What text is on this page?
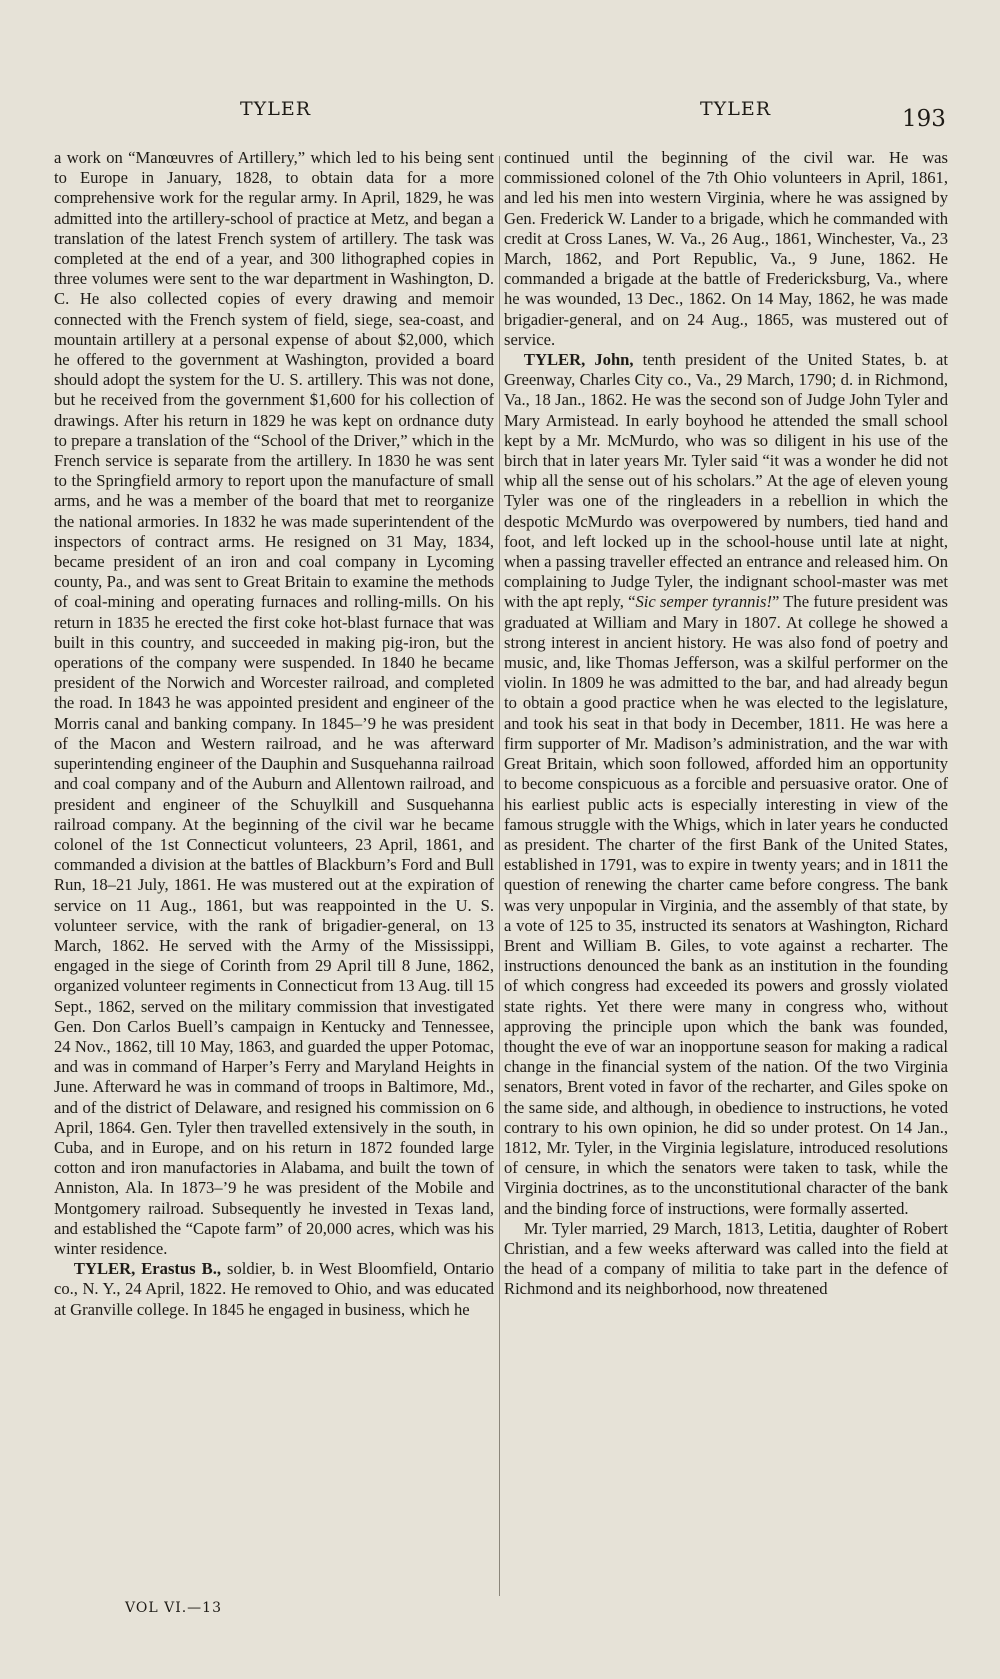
TYLER	TYLER	193

a work on “Manœuvres of Artillery,” which led to his being sent to Europe in January, 1828, to obtain data for a more comprehensive work for the regular army. In April, 1829, he was admitted into the artillery-school of practice at Metz, and began a translation of the latest French system of artillery. The task was completed at the end of a year, and 300 lithographed copies in three volumes were sent to the war department in Washington, D. C. He also collected copies of every drawing and memoir connected with the French system of field, siege, sea-coast, and mountain artillery at a personal expense of about $2,000, which he offered to the government at Washington, provided a board should adopt the system for the U. S. artillery. This was not done, but he received from the government $1,600 for his collection of drawings. After his return in 1829 he was kept on ordnance duty to prepare a translation of the “School of the Driver,” which in the French service is separate from the artillery. In 1830 he was sent to the Springfield armory to report upon the manufacture of small arms, and he was a member of the board that met to reorganize the national armories. In 1832 he was made superintendent of the inspectors of contract arms. He resigned on 31 May, 1834, became president of an iron and coal company in Lycoming county, Pa., and was sent to Great Britain to examine the methods of coal-mining and operating furnaces and rolling-mills. On his return in 1835 he erected the first coke hot-blast furnace that was built in this country, and succeeded in making pig-iron, but the operations of the company were suspended. In 1840 he became president of the Norwich and Worcester railroad, and completed the road. In 1843 he was appointed president and engineer of the Morris canal and banking company. In 1845–’9 he was president of the Macon and Western railroad, and he was afterward superintending engineer of the Dauphin and Susquehanna railroad and coal company and of the Auburn and Allentown railroad, and president and engineer of the Schuylkill and Susquehanna railroad company. At the beginning of the civil war he became colonel of the 1st Connecticut volunteers, 23 April, 1861, and commanded a division at the battles of Blackburn’s Ford and Bull Run, 18–21 July, 1861. He was mustered out at the expiration of service on 11 Aug., 1861, but was reappointed in the U. S. volunteer service, with the rank of brigadier-general, on 13 March, 1862. He served with the Army of the Mississippi, engaged in the siege of Corinth from 29 April till 8 June, 1862, organized volunteer regiments in Connecticut from 13 Aug. till 15 Sept., 1862, served on the military commission that investigated Gen. Don Carlos Buell’s campaign in Kentucky and Tennessee, 24 Nov., 1862, till 10 May, 1863, and guarded the upper Potomac, and was in command of Harper’s Ferry and Maryland Heights in June. Afterward he was in command of troops in Baltimore, Md., and of the district of Delaware, and resigned his commission on 6 April, 1864. Gen. Tyler then travelled extensively in the south, in Cuba, and in Europe, and on his return in 1872 founded large cotton and iron manufactories in Alabama, and built the town of Anniston, Ala. In 1873–’9 he was president of the Mobile and Montgomery railroad. Subsequently he invested in Texas land, and established the “Capote farm” of 20,000 acres, which was his winter residence.

TYLER, Erastus B., soldier, b. in West Bloomfield, Ontario co., N. Y., 24 April, 1822. He removed to Ohio, and was educated at Granville college. In 1845 he engaged in business, which he

continued until the beginning of the civil war. He was commissioned colonel of the 7th Ohio volunteers in April, 1861, and led his men into western Virginia, where he was assigned by Gen. Frederick W. Lander to a brigade, which he commanded with credit at Cross Lanes, W. Va., 26 Aug., 1861, Winchester, Va., 23 March, 1862, and Port Republic, Va., 9 June, 1862. He commanded a brigade at the battle of Fredericksburg, Va., where he was wounded, 13 Dec., 1862. On 14 May, 1862, he was made brigadier-general, and on 24 Aug., 1865, was mustered out of service.

TYLER, John, tenth president of the United States, b. at Greenway, Charles City co., Va., 29 March, 1790; d. in Richmond, Va., 18 Jan., 1862. He was the second son of Judge John Tyler and Mary Armistead. In early boyhood he attended the small school kept by a Mr. McMurdo, who was so diligent in his use of the birch that in later years Mr. Tyler said “it was a wonder he did not whip all the sense out of his scholars.” At the age of eleven young Tyler was one of the ringleaders in a rebellion in which the despotic McMurdo was overpowered by numbers, tied hand and foot, and left locked up in the school-house until late at night, when a passing traveller effected an entrance and released him. On complaining to Judge Tyler, the indignant school-master was met with the apt reply, “Sic semper tyrannis!” The future president was graduated at William and Mary in 1807. At college he showed a strong interest in ancient history. He was also fond of poetry and music, and, like Thomas Jefferson, was a skilful performer on the violin. In 1809 he was admitted to the bar, and had already begun to obtain a good practice when he was elected to the legislature, and took his seat in that body in December, 1811. He was here a firm supporter of Mr. Madison’s administration, and the war with Great Britain, which soon followed, afforded him an opportunity to become conspicuous as a forcible and persuasive orator. One of his earliest public acts is especially interesting in view of the famous struggle with the Whigs, which in later years he conducted as president. The charter of the first Bank of the United States, established in 1791, was to expire in twenty years; and in 1811 the question of renewing the charter came before congress. The bank was very unpopular in Virginia, and the assembly of that state, by a vote of 125 to 35, instructed its senators at Washington, Richard Brent and William B. Giles, to vote against a recharter. The instructions denounced the bank as an institution in the founding of which congress had exceeded its powers and grossly violated state rights. Yet there were many in congress who, without approving the principle upon which the bank was founded, thought the eve of war an inopportune season for making a radical change in the financial system of the nation. Of the two Virginia senators, Brent voted in favor of the recharter, and Giles spoke on the same side, and although, in obedience to instructions, he voted contrary to his own opinion, he did so under protest. On 14 Jan., 1812, Mr. Tyler, in the Virginia legislature, introduced resolutions of censure, in which the senators were taken to task, while the Virginia doctrines, as to the unconstitutional character of the bank and the binding force of instructions, were formally asserted.

Mr. Tyler married, 29 March, 1813, Letitia, daughter of Robert Christian, and a few weeks afterward was called into the field at the head of a company of militia to take part in the defence of Richmond and its neighborhood, now threatened

VOL VI.—13
